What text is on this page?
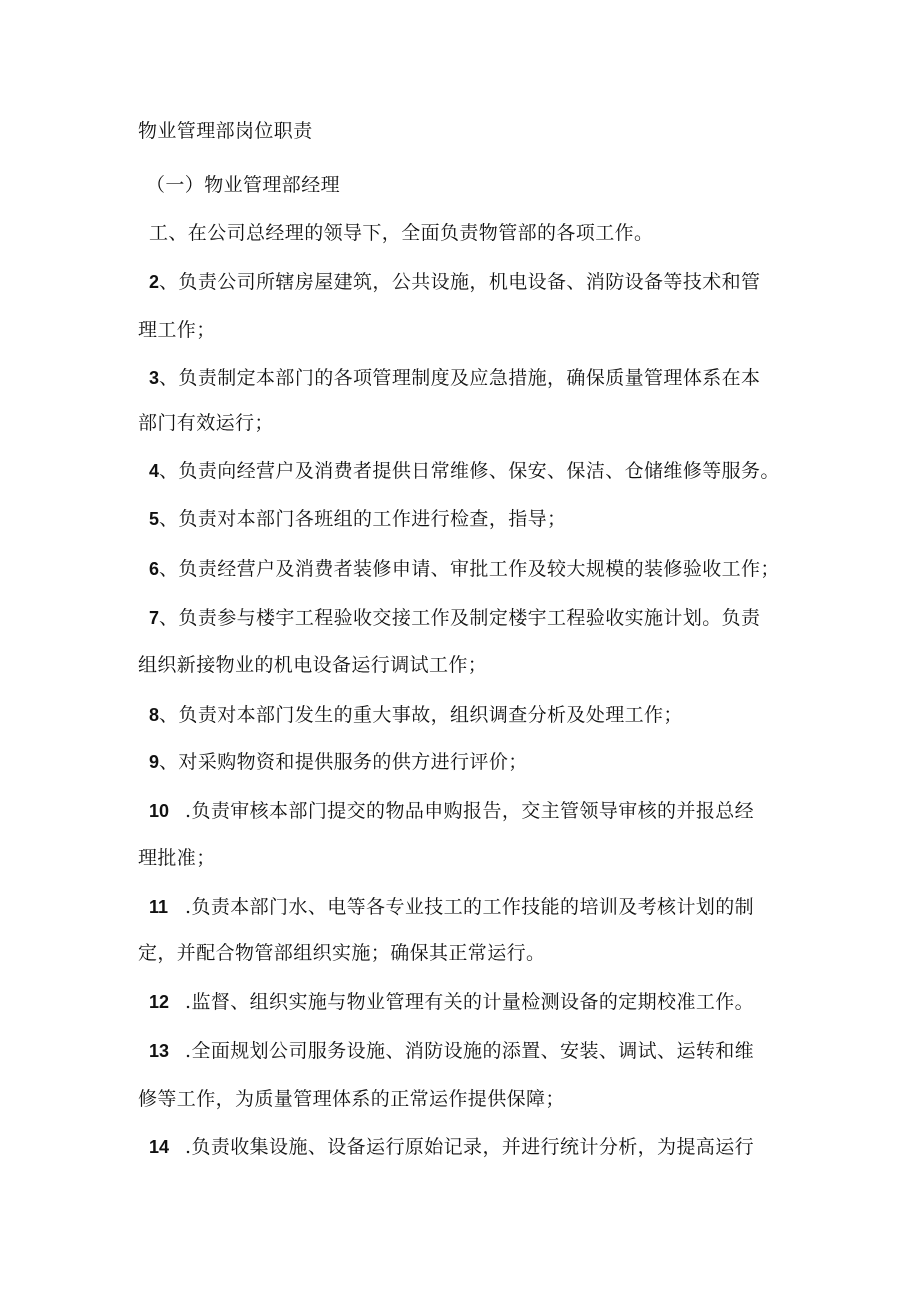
物业管理部岗位职责
（一）物业管理部经理
工、在公司总经理的领导下，全面负责物管部的各项工作。
2、负责公司所辖房屋建筑，公共设施，机电设备、消防设备等技术和管
理工作；
3、负责制定本部门的各项管理制度及应急措施，确保质量管理体系在本
部门有效运行；
4、负责向经营户及消费者提供日常维修、保安、保洁、仓储维修等服务。
5、负责对本部门各班组的工作进行检查，指导；
6、负责经营户及消费者装修申请、审批工作及较大规模的装修验收工作；
7、负责参与楼宇工程验收交接工作及制定楼宇工程验收实施计划。负责
组织新接物业的机电设备运行调试工作；
8、负责对本部门发生的重大事故，组织调查分析及处理工作；
9、对采购物资和提供服务的供方进行评价；
10 .负责审核本部门提交的物品申购报告，交主管领导审核的并报总经
理批准；
11 .负责本部门水、电等各专业技工的工作技能的培训及考核计划的制
定，并配合物管部组织实施；确保其正常运行。
12 .监督、组织实施与物业管理有关的计量检测设备的定期校准工作。
13 .全面规划公司服务设施、消防设施的添置、安装、调试、运转和维
修等工作，为质量管理体系的正常运作提供保障；
14 .负责收集设施、设备运行原始记录，并进行统计分析，为提高运行
